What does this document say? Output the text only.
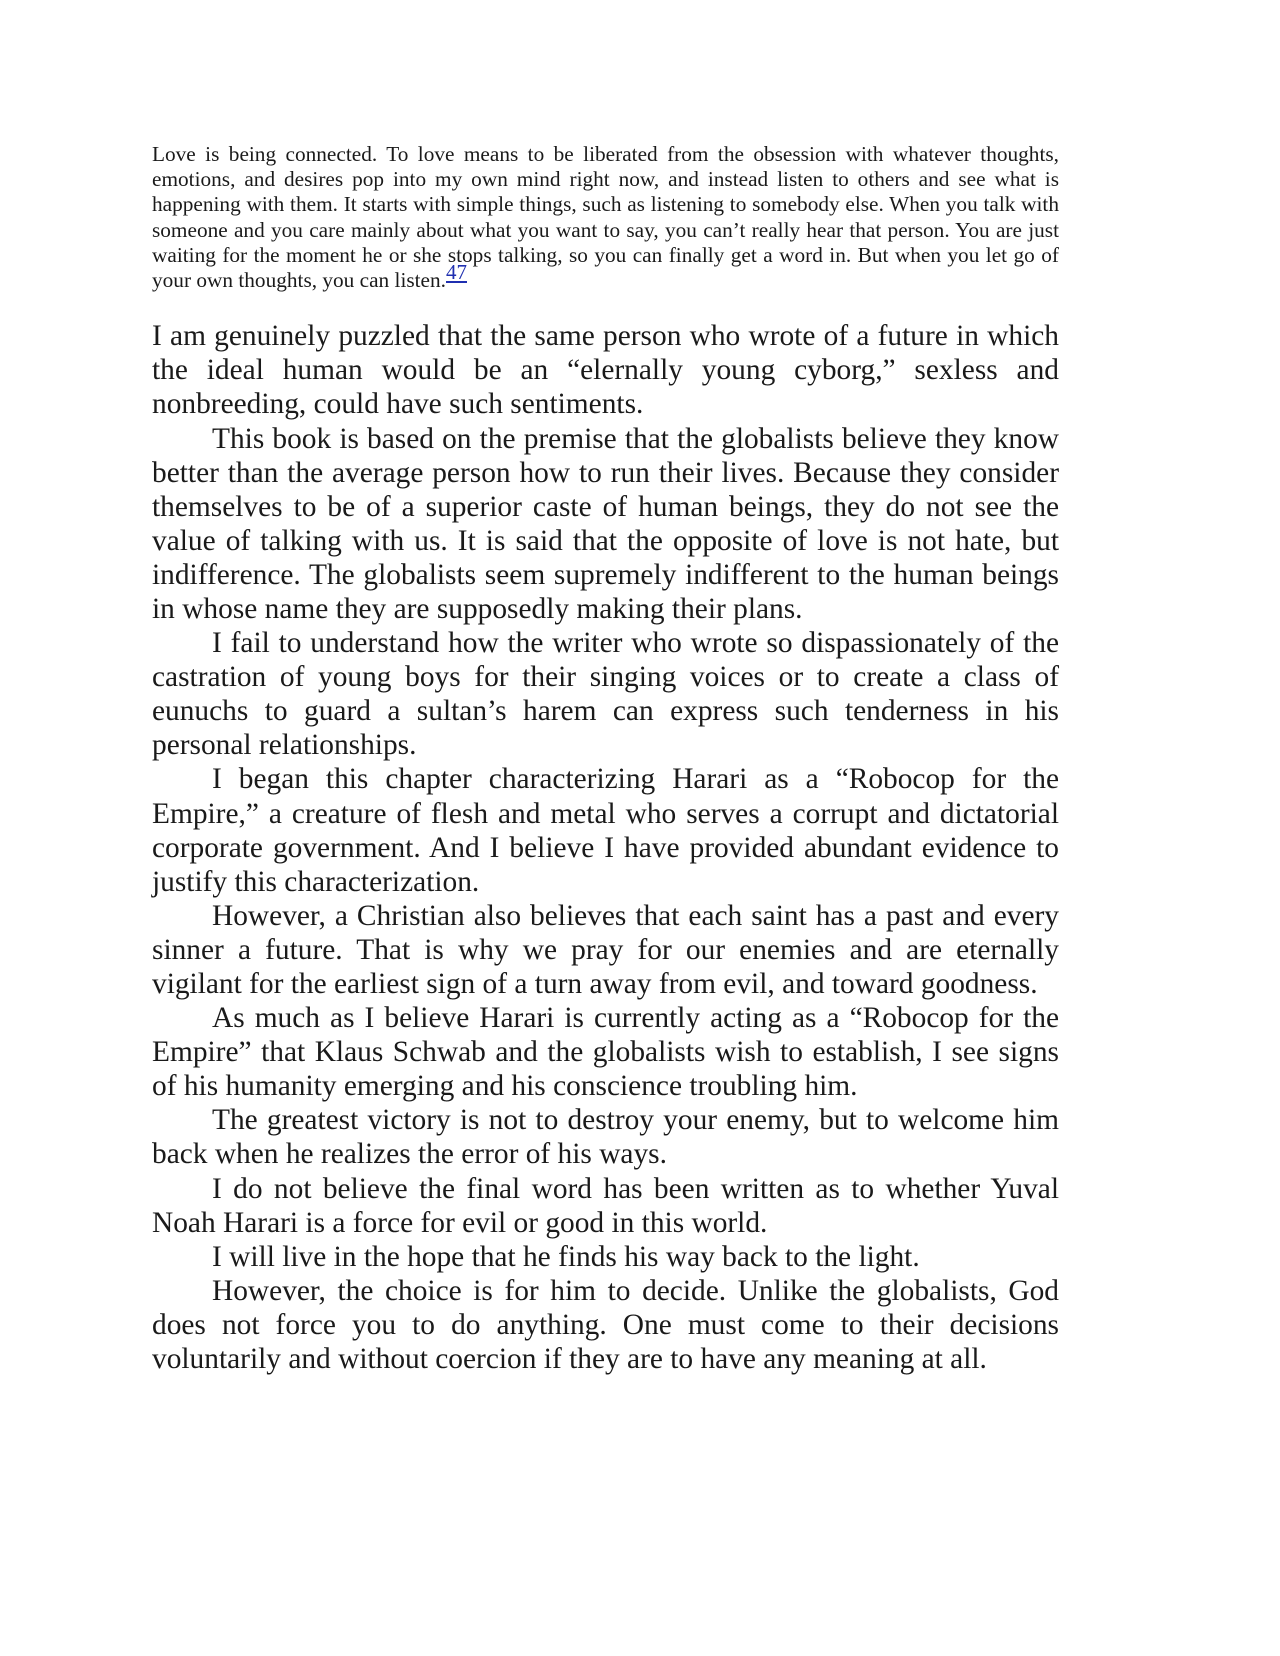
Love is being connected. To love means to be liberated from the obsession with whatever thoughts, emotions, and desires pop into my own mind right now, and instead listen to others and see what is happening with them. It starts with simple things, such as listening to somebody else. When you talk with someone and you care mainly about what you want to say, you can’t really hear that person. You are just waiting for the moment he or she stops talking, so you can finally get a word in. But when you let go of your own thoughts, you can listen.47

I am genuinely puzzled that the same person who wrote of a future in which the ideal human would be an “elernally young cyborg,” sexless and nonbreeding, could have such sentiments.

This book is based on the premise that the globalists believe they know better than the average person how to run their lives. Because they consider themselves to be of a superior caste of human beings, they do not see the value of talking with us. It is said that the opposite of love is not hate, but indifference. The globalists seem supremely indifferent to the human beings in whose name they are supposedly making their plans.

I fail to understand how the writer who wrote so dispassionately of the castration of young boys for their singing voices or to create a class of eunuchs to guard a sultan’s harem can express such tenderness in his personal relationships.

I began this chapter characterizing Harari as a “Robocop for the Empire,” a creature of flesh and metal who serves a corrupt and dictatorial corporate government. And I believe I have provided abundant evidence to justify this characterization.

However, a Christian also believes that each saint has a past and every sinner a future. That is why we pray for our enemies and are eternally vigilant for the earliest sign of a turn away from evil, and toward goodness.

As much as I believe Harari is currently acting as a “Robocop for the Empire” that Klaus Schwab and the globalists wish to establish, I see signs of his humanity emerging and his conscience troubling him.

The greatest victory is not to destroy your enemy, but to welcome him back when he realizes the error of his ways.

I do not believe the final word has been written as to whether Yuval Noah Harari is a force for evil or good in this world.

I will live in the hope that he finds his way back to the light.

However, the choice is for him to decide. Unlike the globalists, God does not force you to do anything. One must come to their decisions voluntarily and without coercion if they are to have any meaning at all.
